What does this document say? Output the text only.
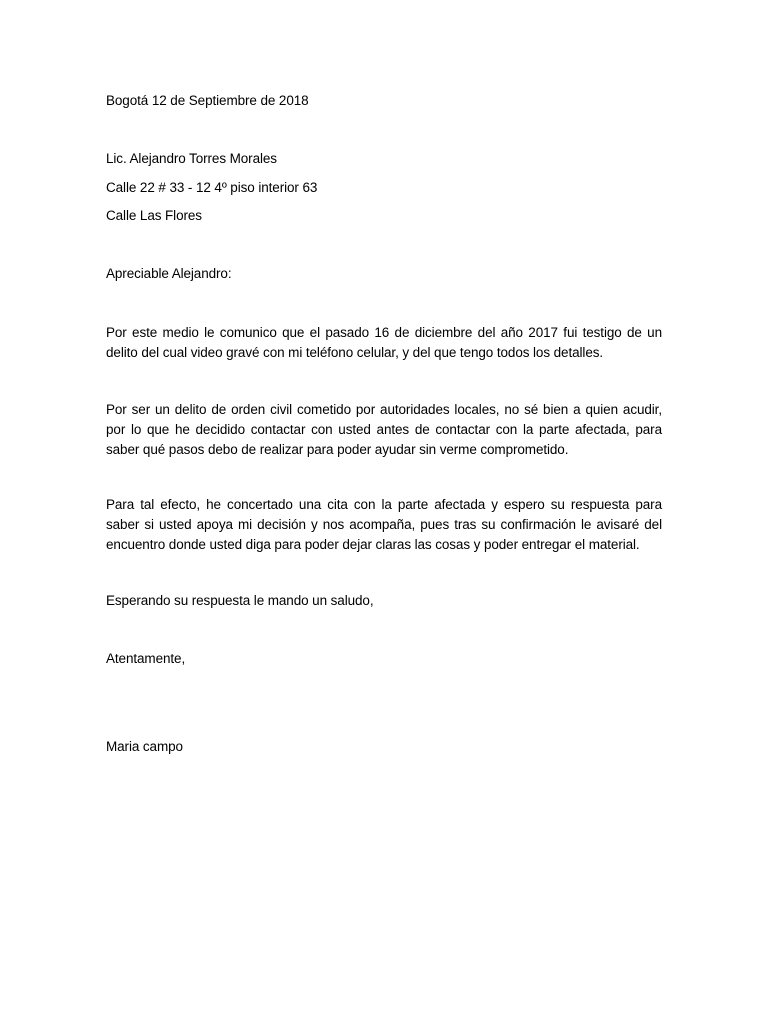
Bogotá 12 de Septiembre de 2018
Lic. Alejandro Torres Morales
Calle 22 # 33 - 12 4º piso interior 63
Calle Las Flores
Apreciable Alejandro:
Por este medio le comunico que el pasado 16 de diciembre del año 2017 fui testigo de un delito del cual video gravé con mi teléfono celular, y del que tengo todos los detalles.
Por ser un delito de orden civil cometido por autoridades locales, no sé bien a quien acudir, por lo que he decidido contactar con usted antes de contactar con la parte afectada, para saber qué pasos debo de realizar para poder ayudar sin verme comprometido.
Para tal efecto, he concertado una cita con la parte afectada y espero su respuesta para saber si usted apoya mi decisión y nos acompaña, pues tras su confirmación le avisaré del encuentro donde usted diga para poder dejar claras las cosas y poder entregar el material.
Esperando su respuesta le mando un saludo,
Atentamente,
Maria campo
